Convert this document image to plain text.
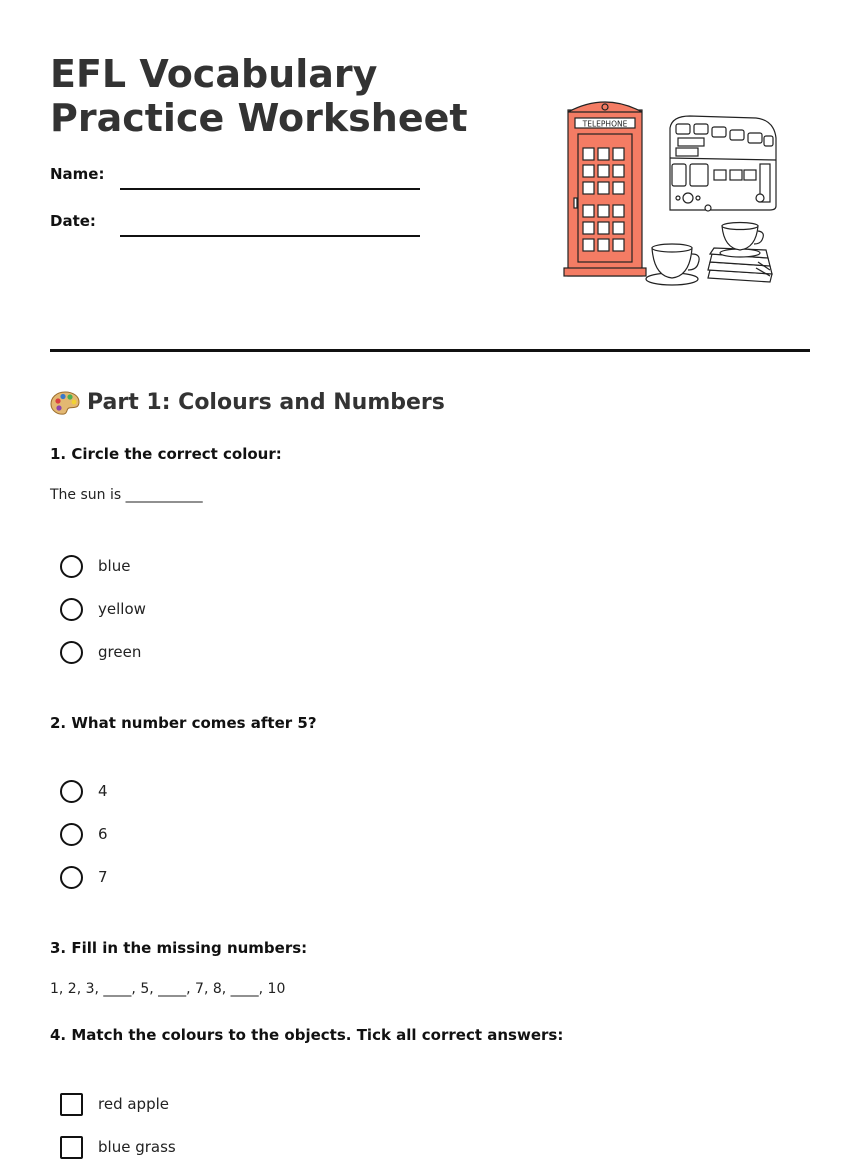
EFL Vocabulary Practice Worksheet
Name:
Date:
TELEPHONE
Part 1: Colours and Numbers

1. Circle the correct colour:

The sun is ___________
blue
yellow
green

2. What number comes after 5?

4
6
7

3. Fill in the missing numbers:

1, 2, 3, ____, 5, ____, 7, 8, ____, 10

4. Match the colours to the objects. Tick all correct answers:

red apple
blue grass
